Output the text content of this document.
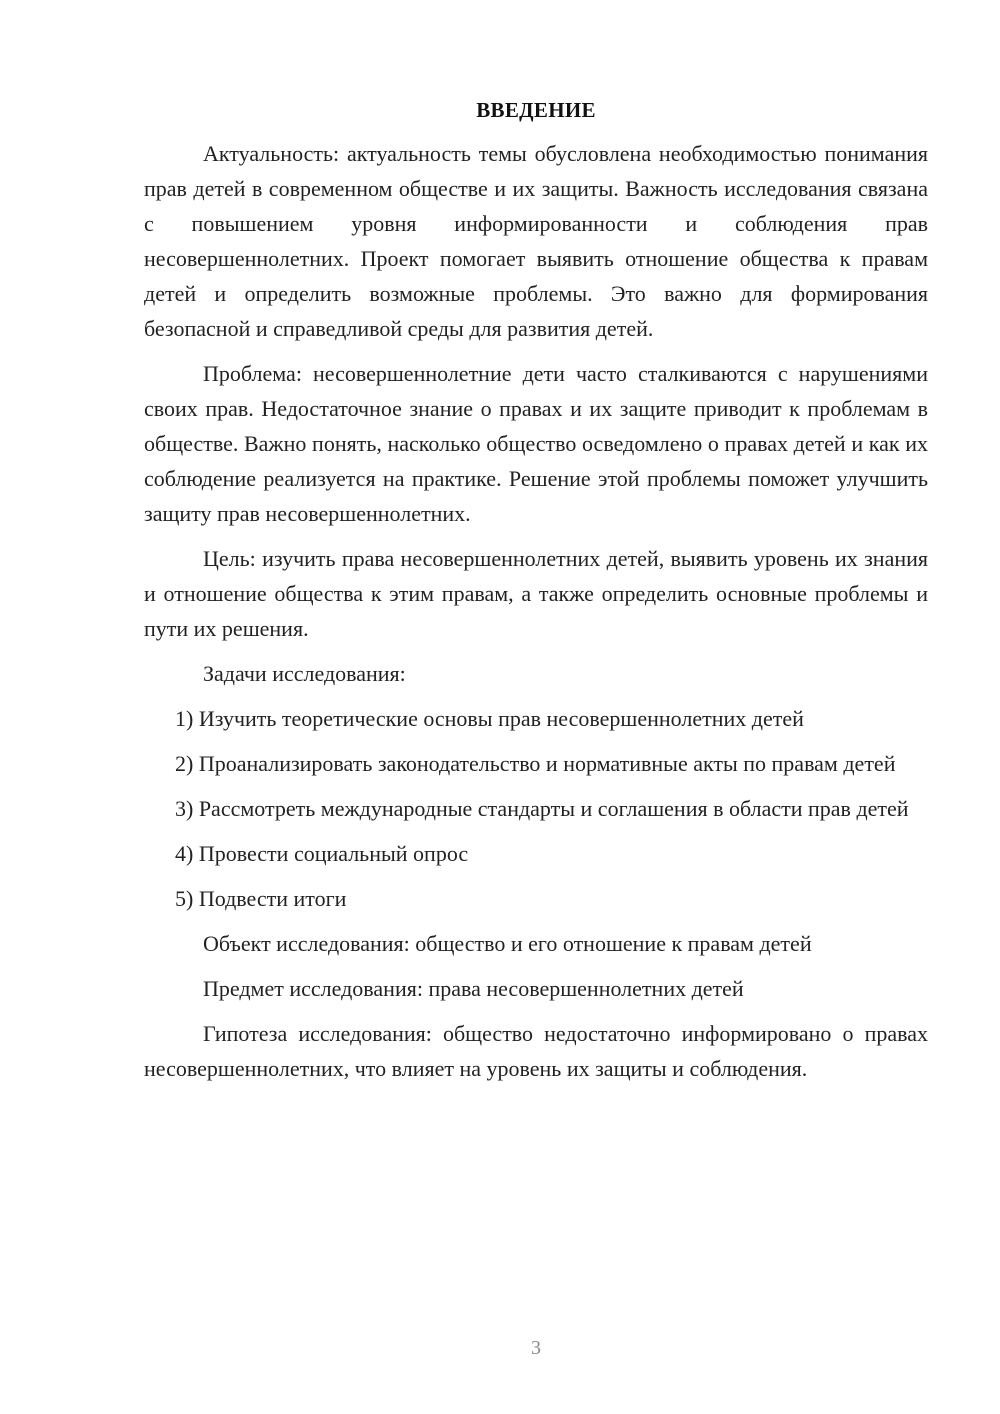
ВВЕДЕНИЕ

Актуальность: актуальность темы обусловлена необходимостью понимания прав детей в современном обществе и их защиты. Важность исследования связана с повышением уровня информированности и соблюдения прав несовершеннолетних. Проект помогает выявить отношение общества к правам детей и определить возможные проблемы. Это важно для формирования безопасной и справедливой среды для развития детей.

Проблема: несовершеннолетние дети часто сталкиваются с нарушениями своих прав. Недостаточное знание о правах и их защите приводит к проблемам в обществе. Важно понять, насколько общество осведомлено о правах детей и как их соблюдение реализуется на практике. Решение этой проблемы поможет улучшить защиту прав несовершеннолетних.

Цель: изучить права несовершеннолетних детей, выявить уровень их знания и отношение общества к этим правам, а также определить основные проблемы и пути их решения.

Задачи исследования:

1) Изучить теоретические основы прав несовершеннолетних детей

2) Проанализировать законодательство и нормативные акты по правам детей

3) Рассмотреть международные стандарты и соглашения в области прав детей

4) Провести социальный опрос

5) Подвести итоги

Объект исследования: общество и его отношение к правам детей

Предмет исследования: права несовершеннолетних детей

Гипотеза исследования: общество недостаточно информировано о правах несовершеннолетних, что влияет на уровень их защиты и соблюдения.

3
